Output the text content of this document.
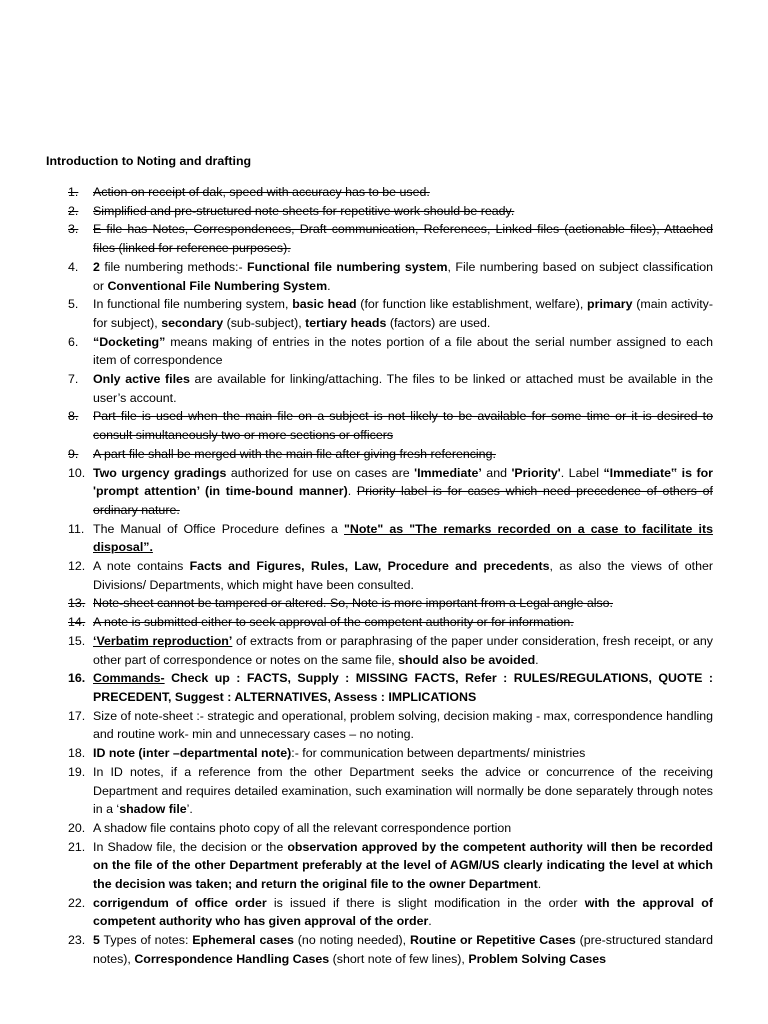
Introduction to Noting and drafting
1. Action on receipt of dak, speed with accuracy has to be used.
2. Simplified and pre-structured note sheets for repetitive work should be ready.
3. E file has Notes, Correspondences, Draft communication, References, Linked files (actionable files), Attached files (linked for reference purposes).
4. 2 file numbering methods:- Functional file numbering system, File numbering based on subject classification or Conventional File Numbering System.
5. In functional file numbering system, basic head (for function like establishment, welfare), primary (main activity- for subject), secondary (sub-subject), tertiary heads (factors) are used.
6. “Docketing” means making of entries in the notes portion of a file about the serial number assigned to each item of correspondence
7. Only active files are available for linking/attaching. The files to be linked or attached must be available in the user’s account.
8. Part file is used when the main file on a subject is not likely to be available for some time or it is desired to consult simultaneously two or more sections or officers
9. A part file shall be merged with the main file after giving fresh referencing.
10. Two urgency gradings authorized for use on cases are 'Immediate’ and 'Priority'. Label “Immediate‟ is for 'prompt attention’ (in time-bound manner). Priority label is for cases which need precedence of others of ordinary nature.
11. The Manual of Office Procedure defines a "Note" as "The remarks recorded on a case to facilitate its disposal”.
12. A note contains Facts and Figures, Rules, Law, Procedure and precedents, as also the views of other Divisions/ Departments, which might have been consulted.
13. Note-sheet cannot be tampered or altered. So, Note is more important from a Legal angle also.
14. A note is submitted either to seek approval of the competent authority or for information.
15. ‘Verbatim reproduction’ of extracts from or paraphrasing of the paper under consideration, fresh receipt, or any other part of correspondence or notes on the same file, should also be avoided.
16. Commands- Check up : FACTS, Supply : MISSING FACTS, Refer : RULES/REGULATIONS, QUOTE : PRECEDENT, Suggest : ALTERNATIVES, Assess : IMPLICATIONS
17. Size of note-sheet :- strategic and operational, problem solving, decision making - max, correspondence handling and routine work- min and unnecessary cases – no noting.
18. ID note (inter –departmental note):- for communication between departments/ ministries
19. In ID notes, if a reference from the other Department seeks the advice or concurrence of the receiving Department and requires detailed examination, such examination will normally be done separately through notes in a ‘shadow file’.
20. A shadow file contains photo copy of all the relevant correspondence portion
21. In Shadow file, the decision or the observation approved by the competent authority will then be recorded on the file of the other Department preferably at the level of AGM/US clearly indicating the level at which the decision was taken; and return the original file to the owner Department.
22. corrigendum of office order is issued if there is slight modification in the order with the approval of competent authority who has given approval of the order.
23. 5 Types of notes: Ephemeral cases (no noting needed), Routine or Repetitive Cases (pre-structured standard notes), Correspondence Handling Cases (short note of few lines), Problem Solving Cases
